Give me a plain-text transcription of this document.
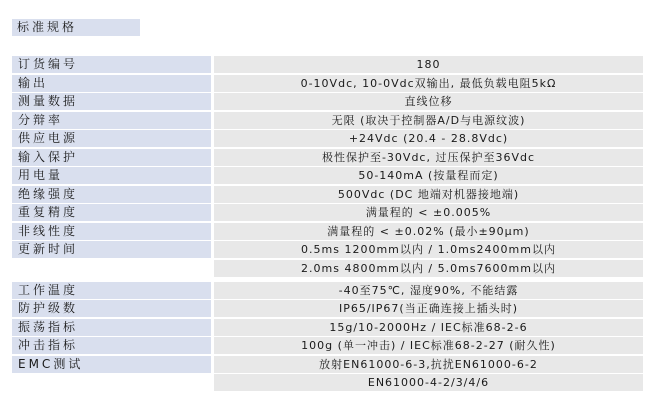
标准规格
订货编号	180
输出	0-10Vdc, 10-0Vdc双输出, 最低负载电阻5kΩ
测量数据	直线位移
分辩率	无限 (取决于控制器A/D与电源纹波)
供应电源	+24Vdc (20.4 - 28.8Vdc)
输入保护	极性保护至-30Vdc, 过压保护至36Vdc
用电量	50-140mA (按量程而定)
绝缘强度	500Vdc (DC 地端对机器接地端)
重复精度	满量程的 < ±0.005%
非线性度	满量程的 < ±0.02% (最小±90μm)
更新时间	0.5ms 1200mm以内 / 1.0ms2400mm以内
2.0ms 4800mm以内 / 5.0ms7600mm以内
工作温度	-40至75℃, 湿度90%, 不能结露
防护级数	IP65/IP67(当正确连接上插头时)
振荡指标	15g/10-2000Hz / IEC标准68-2-6
冲击指标	100g (单一冲击) / IEC标准68-2-27 (耐久性)
EMC测试	放射EN61000-6-3,抗扰EN61000-6-2
EN61000-4-2/3/4/6
